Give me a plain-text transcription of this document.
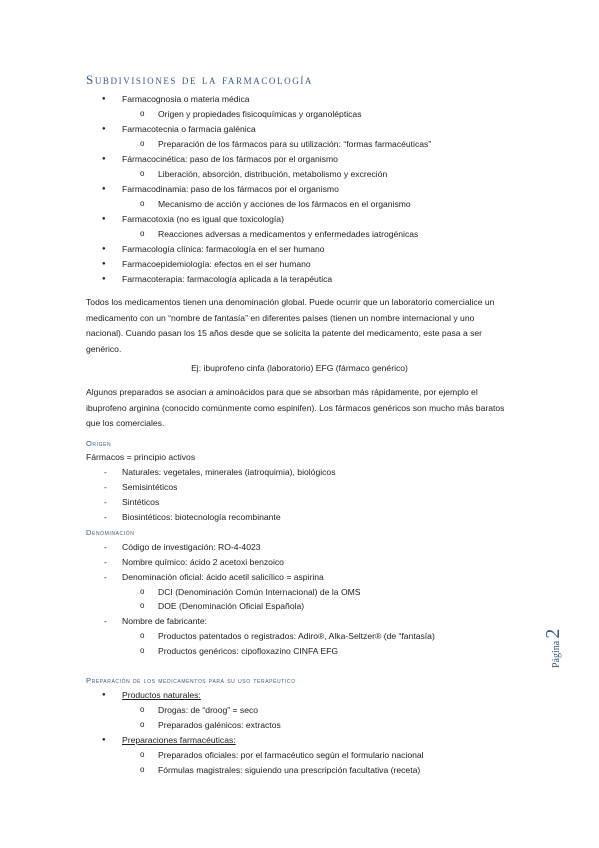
Subdivisiones de la farmacología
● Farmacognosia o materia médica
o Origen y propiedades fisicoquímicas y organolépticas
● Farmacotecnia o farmacia galénica
o Preparación de los fármacos para su utilización: “formas farmacéuticas”
● Fármacocinética: paso de los fármacos por el organismo
o Liberación, absorción, distribución, metabolismo y excreción
● Farmacodinamia: paso de los fármacos por el organismo
o Mecanismo de acción y acciones de los fármacos en el organismo
● Farmacotoxia (no es igual que toxicología)
o Reacciones adversas a medicamentos y enfermedades iatrogénicas
● Farmacología clínica: farmacología en el ser humano
● Farmacoepidemiología: efectos en el ser humano
● Farmacoterapia: farmacología aplicada a la terapéutica
Todos los medicamentos tienen una denominación global. Puede ocurrir que un laboratorio comercialice un medicamento con un “nombre de fantasía” en diferentes países (tienen un nombre internacional y uno nacional). Cuando pasan los 15 años desde que se solicita la patente del medicamento, este pasa a ser genérico.
Ej: ibuprofeno cinfa (laboratorio) EFG (fármaco genérico)
Algunos preparados se asocian a aminoácidos para que se absorban más rápidamente, por ejemplo el ibuprofeno arginina (conocido comúnmente como espinifen). Los fármacos genéricos son mucho más baratos que los comerciales.
Origen
Fármacos = principio activos
- Naturales: vegetales, minerales (iatroquimia), biológicos
- Semisintéticos
- Sintéticos
- Biosintéticos: biotecnología recombinante
Denominación
- Código de investigación: RO-4-4023
- Nombre químico: ácido 2 acetoxi benzoico
- Denominación oficial: ácido acetil salicílico = aspirina
o DCI (Denominación Común Internacional) de la OMS
o DOE (Denominación Oficial Española)
- Nombre de fabricante:
o Productos patentados o registrados: Adiro®, Alka-Seltzer® (de “fantasía)
o Productos genéricos: cipofloxazino CINFA EFG
Preparación de los medicamentos para su uso terapéutico
● Productos naturales:
o Drogas: de “droog” = seco
o Preparados galénicos: extractos
● Preparaciones farmacéuticas:
o Preparados oficiales: por el farmacéutico según el formulario nacional
o Fórmulas magistrales: siguiendo una prescripción facultativa (receta)
Página 2
